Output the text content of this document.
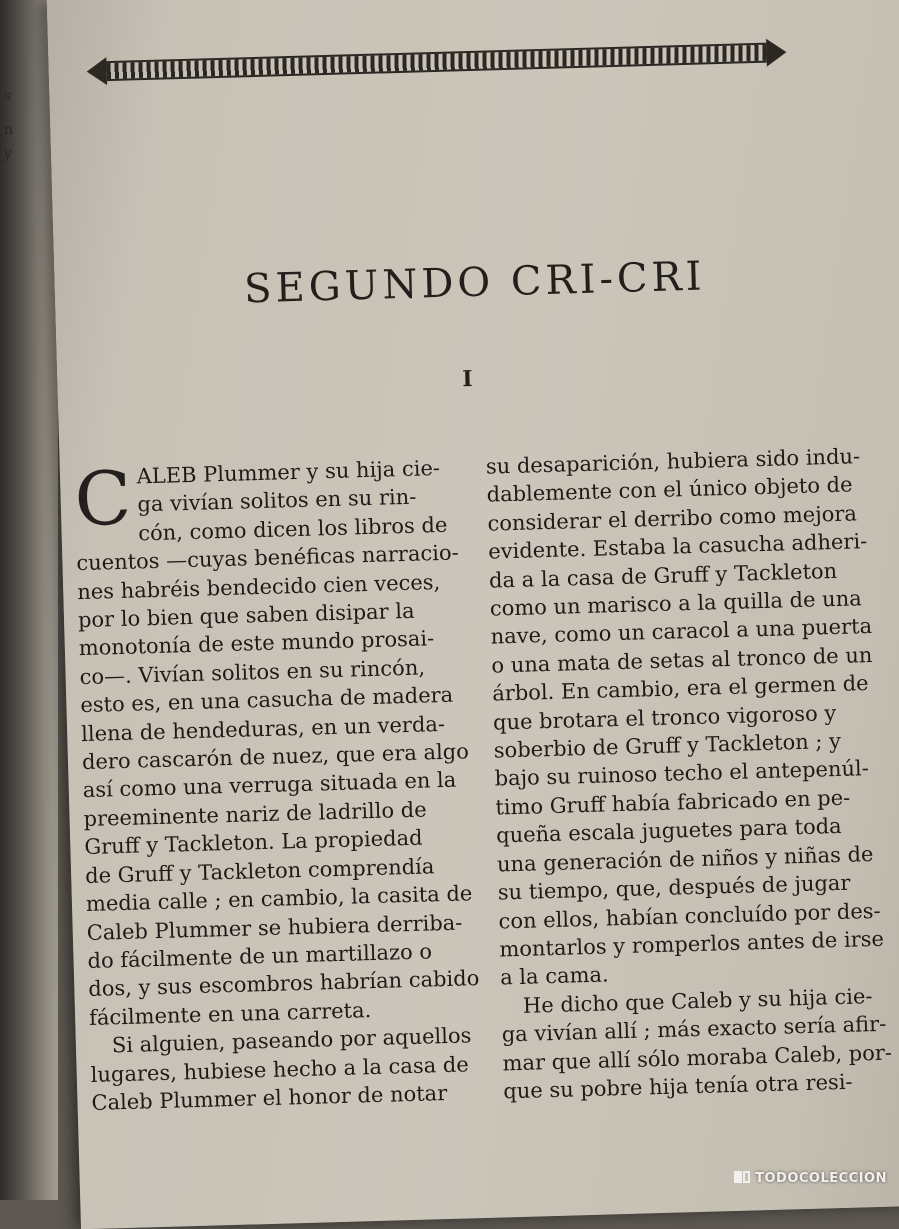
s
n
y
SEGUNDO CRI-CRI
I
C ALEB Plummer y su hija cie-
ga vivían solitos en su rin-
cón, como dicen los libros de
cuentos —cuyas benéficas narracio-
nes habréis bendecido cien veces,
por lo bien que saben disipar la
monotonía de este mundo prosai-
co—. Vivían solitos en su rincón,
esto es, en una casucha de madera
llena de hendeduras, en un verda-
dero cascarón de nuez, que era algo
así como una verruga situada en la
preeminente nariz de ladrillo de
Gruff y Tackleton. La propiedad
de Gruff y Tackleton comprendía
media calle ; en cambio, la casita de
Caleb Plummer se hubiera derriba-
do fácilmente de un martillazo o
dos, y sus escombros habrían cabido
fácilmente en una carreta.
Si alguien, paseando por aquellos
lugares, hubiese hecho a la casa de
Caleb Plummer el honor de notar
su desaparición, hubiera sido indu-
dablemente con el único objeto de
considerar el derribo como mejora
evidente. Estaba la casucha adheri-
da a la casa de Gruff y Tackleton
como un marisco a la quilla de una
nave, como un caracol a una puerta
o una mata de setas al tronco de un
árbol. En cambio, era el germen de
que brotara el tronco vigoroso y
soberbio de Gruff y Tackleton ; y
bajo su ruinoso techo el antepenúl-
timo Gruff había fabricado en pe-
queña escala juguetes para toda
una generación de niños y niñas de
su tiempo, que, después de jugar
con ellos, habían concluído por des-
montarlos y romperlos antes de irse
a la cama.
He dicho que Caleb y su hija cie-
ga vivían allí ; más exacto sería afir-
mar que allí sólo moraba Caleb, por-
que su pobre hija tenía otra resi-
TODOCOLECCION
